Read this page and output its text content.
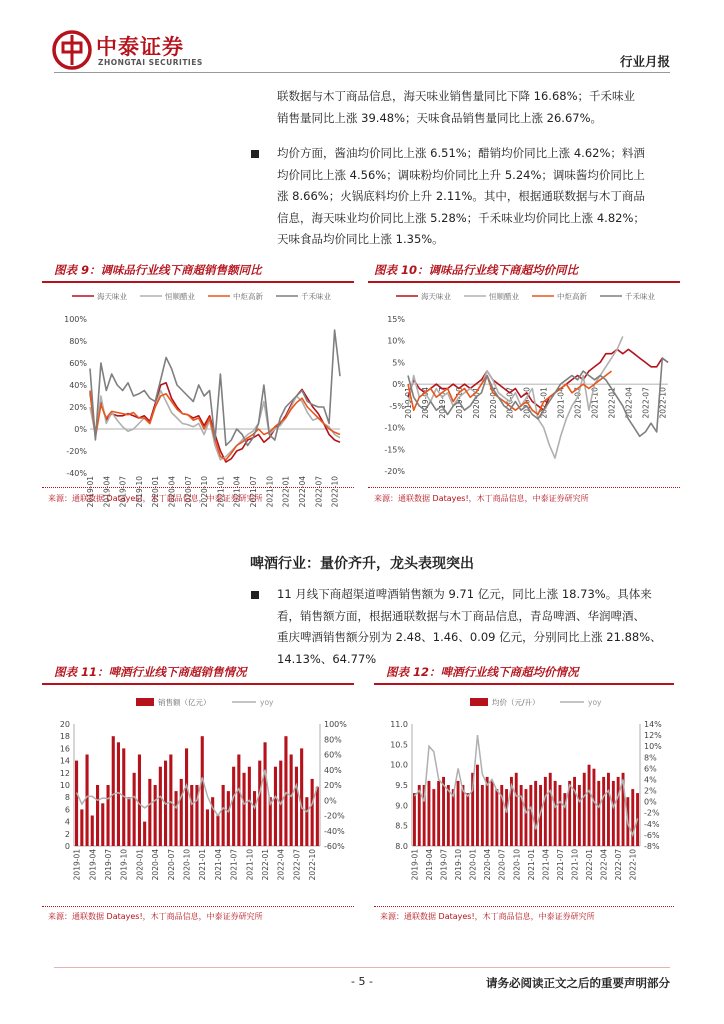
中泰证券
ZHONGTAI SECURITIES	行业月报
联数据与木丁商品信息，海天味业销售量同比下降 16.68%；千禾味业
销售量同比上涨 39.48%；天味食品销售量同比上涨 26.67%。
均价方面，酱油均价同比上涨 6.51%；醋销均价同比上涨 4.62%；料酒
均价同比上涨 4.56%；调味粉均价同比上升 5.24%；调味酱均价同比上
涨 8.66%；火锅底料均价上升 2.11%。其中，根据通联数据与木丁商品
信息，海天味业均价同比上涨 5.28%；千禾味业均价同比上涨 4.82%；
天味食品均价同比上涨 1.35%。
图表 9：调味品行业线下商超销售额同比
海天味业	恒顺醋业	中炬高新	千禾味业
-40%
-20%
0%
20%
40%
60%
80%
100%
2019-01 2019-04 2019-07 2019-10 2020-01 2020-04 2020-07 2020-10 2021-01 2021-04 2021-07 2021-10 2022-01 2022-04 2022-07 2022-10
来源：通联数据 Datayes!，木丁商品信息，中泰证券研究所
图表 10：调味品行业线下商超均价同比
海天味业	恒顺醋业	中炬高新	千禾味业
-20%
-15%
-10%
-5%
0%
5%
10%
15%
2019-01 2019-04 2019-07 2019-10 2020-01 2020-04 2020-07 2020-10 2021-01 2021-04 2021-07 2021-10 2022-01 2022-04 2022-07 2022-10
来源：通联数据 Datayes!，木丁商品信息，中泰证券研究所
啤酒行业：量价齐升，龙头表现突出
11 月线下商超渠道啤酒销售额为 9.71 亿元，同比上涨 18.73%。具体来
看，销售额方面，根据通联数据与木丁商品信息，青岛啤酒、华润啤酒、
重庆啤酒销售额分别为 2.48、1.46、0.09 亿元，分别同比上涨 21.88%、
14.13%、64.77%
图表 11：啤酒行业线下商超销售情况
销售额（亿元）	yoy
0
2
4
6
8
10
12
14
16
18
20
-60%
-40%
-20%
0%
20%
40%
60%
80%
100%
2019-01 2019-04 2019-07 2019-10 2020-01 2020-04 2020-07 2020-10 2021-01 2021-04 2021-07 2021-10 2022-01 2022-04 2022-07 2022-10
来源：通联数据 Datayes!，木丁商品信息，中泰证券研究所
图表 12：啤酒行业线下商超均价情况
均价（元/升）	yoy
8.0
8.5
9.0
9.5
10.0
10.5
11.0
-8%
-6%
-4%
-2%
0%
2%
4%
6%
8%
10%
12%
14%
2019-01 2019-04 2019-07 2019-10 2020-01 2020-04 2020-07 2020-10 2021-01 2021-04 2021-07 2021-10 2022-01 2022-04 2022-07 2022-10
来源：通联数据 Datayes!，木丁商品信息，中泰证券研究所
- 5 -	请务必阅读正文之后的重要声明部分
